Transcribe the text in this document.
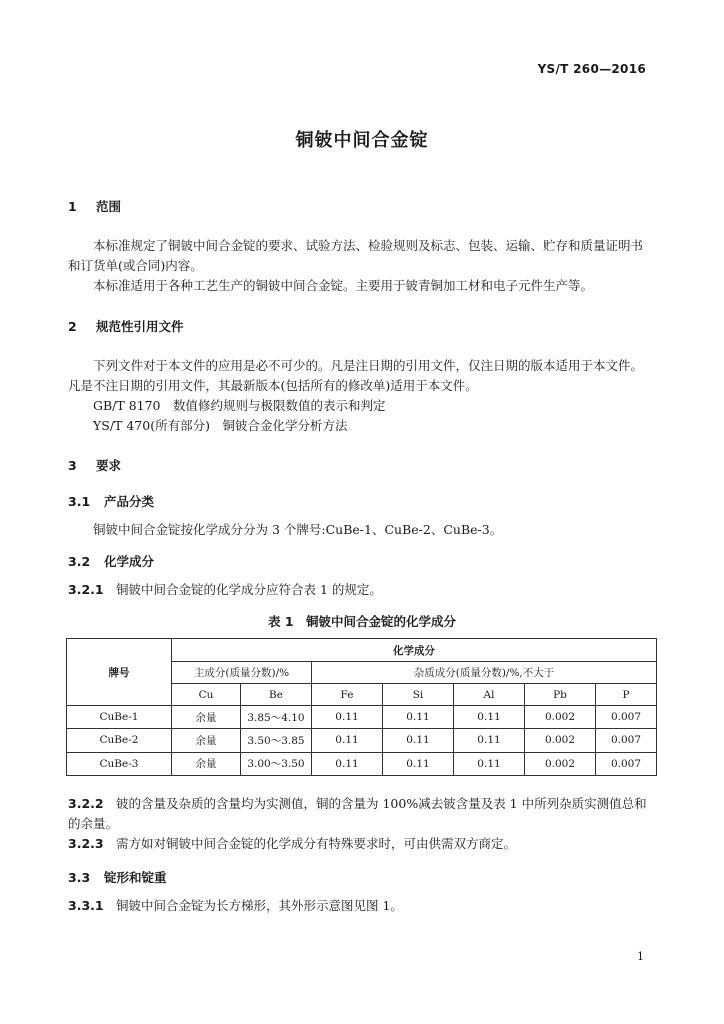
YS/T 260—2016
铜铍中间合金锭
1 范围
本标准规定了铜铍中间合金锭的要求、试验方法、检验规则及标志、包装、运输、贮存和质量证明书和订货单(或合同)内容。
本标准适用于各种工艺生产的铜铍中间合金锭。主要用于铍青铜加工材和电子元件生产等。
2 规范性引用文件
下列文件对于本文件的应用是必不可少的。凡是注日期的引用文件，仅注日期的版本适用于本文件。凡是不注日期的引用文件，其最新版本(包括所有的修改单)适用于本文件。
GB/T 8170　数值修约规则与极限数值的表示和判定
YS/T 470(所有部分)　铜铍合金化学分析方法
3 要求
3.1 产品分类
铜铍中间合金锭按化学成分分为 3 个牌号:CuBe-1、CuBe-2、CuBe-3。
3.2 化学成分
3.2.1 铜铍中间合金锭的化学成分应符合表 1 的规定。
表 1　铜铍中间合金锭的化学成分
牌号	化学成分						
	主成分(质量分数)/%		杂质成分(质量分数)/%,不大于				
	Cu	Be	Fe	Si	Al	Pb	P
CuBe-1	余量	3.85～4.10	0.11	0.11	0.11	0.002	0.007
CuBe-2	余量	3.50～3.85	0.11	0.11	0.11	0.002	0.007
CuBe-3	余量	3.00～3.50	0.11	0.11	0.11	0.002	0.007
3.2.2 铍的含量及杂质的含量均为实测值，铜的含量为 100%减去铍含量及表 1 中所列杂质实测值总和的余量。
3.2.3 需方如对铜铍中间合金锭的化学成分有特殊要求时，可由供需双方商定。
3.3 锭形和锭重
3.3.1 铜铍中间合金锭为长方梯形，其外形示意图见图 1。
1
